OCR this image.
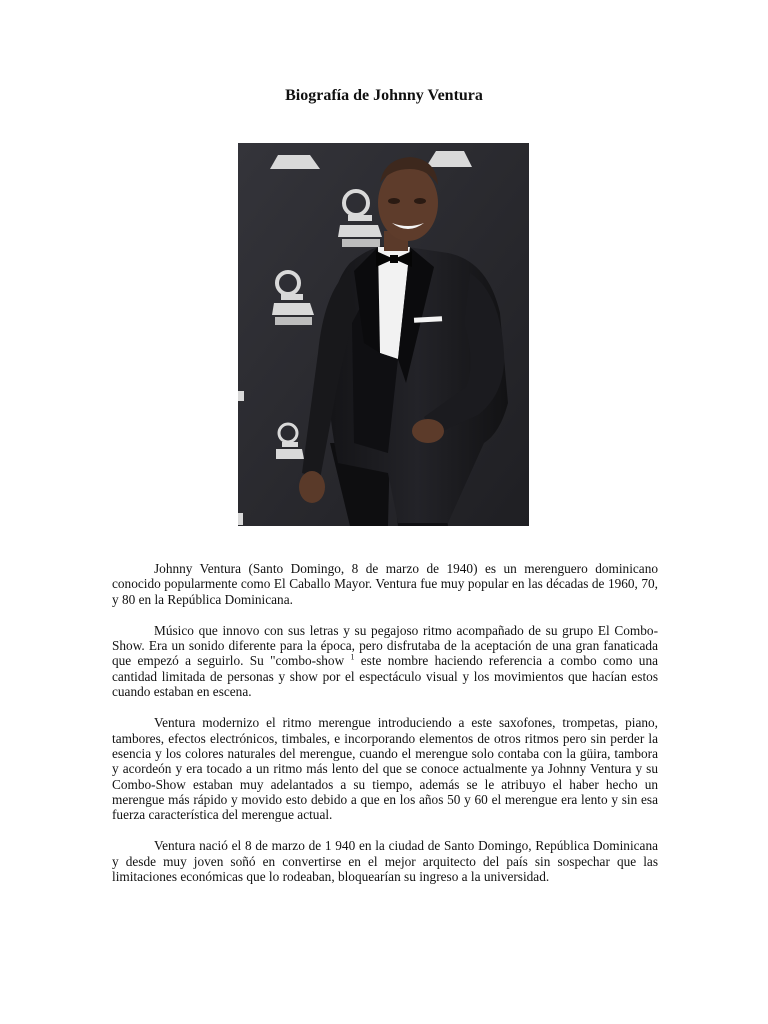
Biografía de Johnny Ventura

Johnny Ventura (Santo Domingo, 8 de marzo de 1940) es un merenguero dominicano conocido popularmente como El Caballo Mayor. Ventura fue muy popular en las décadas de 1960, 70, y 80 en la República Dominicana.

Músico que innovo con sus letras y su pegajoso ritmo acompañado de su grupo El Combo-Show. Era un sonido diferente para la época, pero disfrutaba de la aceptación de una gran fanaticada que empezó a seguirlo. Su "combo-show $^1$ este nombre haciendo referencia a combo como una cantidad limitada de personas y show por el espectáculo visual y los movimientos que hacían estos cuando estaban en escena.

Ventura modernizo el ritmo merengue introduciendo a este saxofones, trompetas, piano, tambores, efectos electrónicos, timbales, e incorporando elementos de otros ritmos pero sin perder la esencia y los colores naturales del merengue, cuando el merengue solo contaba con la güira, tambora y acordeón y era tocado a un ritmo más lento del que se conoce actualmente ya Johnny Ventura y su Combo-Show estaban muy adelantados a su tiempo, además se le atribuyo el haber hecho un merengue más rápido y movido esto debido a que en los años 50 y 60 el merengue era lento y sin esa fuerza característica del merengue actual.

Ventura nació el 8 de marzo de 1 940 en la ciudad de Santo Domingo, República Dominicana y desde muy joven soñó en convertirse en el mejor arquitecto del país sin sospechar que las limitaciones económicas que lo rodeaban, bloquearían su ingreso a la universidad.
